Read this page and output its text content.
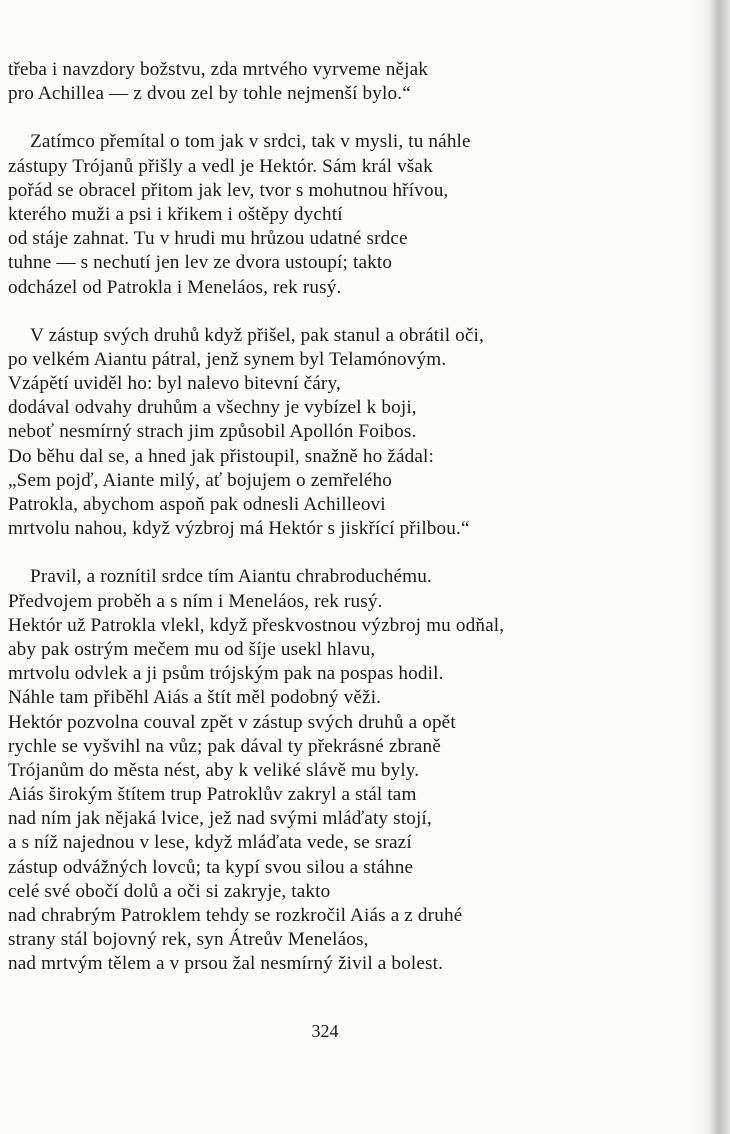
třeba i navzdory božstvu, zda mrtvého vyrveme nějak
pro Achillea — z dvou zel by tohle nejmenší bylo.“
Zatímco přemítal o tom jak v srdci, tak v mysli, tu náhle
zástupy Trójanů přišly a vedl je Hektór. Sám král však
pořád se obracel přitom jak lev, tvor s mohutnou hřívou,
kterého muži a psi i křikem i oštěpy dychtí
od stáje zahnat. Tu v hrudi mu hrůzou udatné srdce
tuhne — s nechutí jen lev ze dvora ustoupí; takto
odcházel od Patrokla i Meneláos, rek rusý.
V zástup svých druhů když přišel, pak stanul a obrátil oči,
po velkém Aiantu pátral, jenž synem byl Telamónovým.
Vzápětí uviděl ho: byl nalevo bitevní čáry,
dodával odvahy druhům a všechny je vybízel k boji,
neboť nesmírný strach jim způsobil Apollón Foibos.
Do běhu dal se, a hned jak přistoupil, snažně ho žádal:
„Sem pojď, Aiante milý, ať bojujem o zemřelého
Patrokla, abychom aspoň pak odnesli Achilleovi
mrtvolu nahou, když výzbroj má Hektór s jiskřící přilbou.“
Pravil, a roznítil srdce tím Aiantu chrabroduchému.
Předvojem proběh a s ním i Meneláos, rek rusý.
Hektór už Patrokla vlekl, když přeskvostnou výzbroj mu odňal,
aby pak ostrým mečem mu od šíje usekl hlavu,
mrtvolu odvlek a ji psům trójským pak na pospas hodil.
Náhle tam přiběhl Aiás a štít měl podobný věži.
Hektór pozvolna couval zpět v zástup svých druhů a opět
rychle se vyšvihl na vůz; pak dával ty překrásné zbraně
Trójanům do města nést, aby k veliké slávě mu byly.
Aiás širokým štítem trup Patroklův zakryl a stál tam
nad ním jak nějaká lvice, jež nad svými mláďaty stojí,
a s níž najednou v lese, když mláďata vede, se srazí
zástup odvážných lovců; ta kypí svou silou a stáhne
celé své obočí dolů a oči si zakryje, takto
nad chrabrým Patroklem tehdy se rozkročil Aiás a z druhé
strany stál bojovný rek, syn Átreův Meneláos,
nad mrtvým tělem a v prsou žal nesmírný živil a bolest.
324
